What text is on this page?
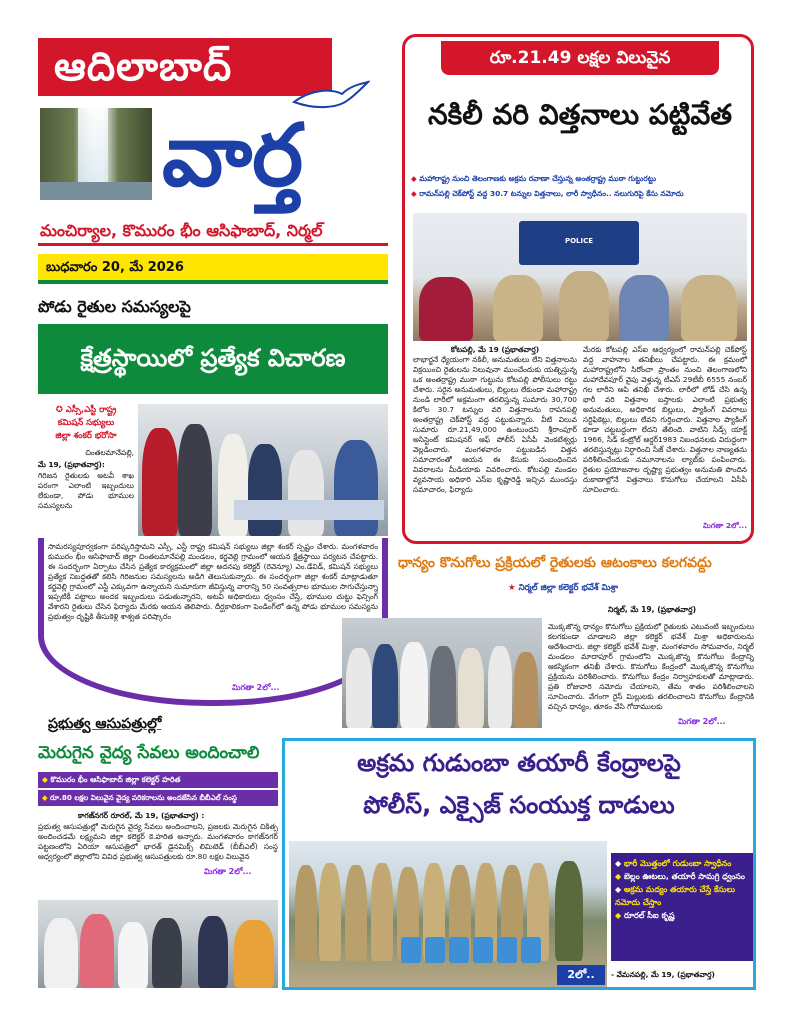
ఆదిలాబాద్
వార్త
మంచిర్యాల, కొమురం భీం ఆసిఫాబాద్, నిర్మల్
బుధవారం 20, మే 2026
రూ.21.49 లక్షల విలువైన
నకిలీ వరి విత్తనాలు పట్టివేత
◆ మహారాష్ట్ర నుంచి తెలంగాణకు అక్రమ రవాణా చేస్తున్న అంతర్రాష్ట్ర ముఠా గుట్టురట్టు
◆ రామన్‌పల్లి చెక్‌పోస్ట్ వద్ద 30.7 టన్నుల విత్తనాలు, లారీ స్వాధీనం.. నలుగురిపై కేసు నమోదు
POLICE
కోటపల్లి, మే 19 (ప్రభాతవార్త)
లాభార్జనే ధ్యేయంగా నకిలీ, అనుమతులు లేని విత్తనాలను విక్రయించి రైతులను నిలువునా ముంచేందుకు యత్నిస్తున్న ఒక అంతర్రాష్ట్ర ముఠా గుట్టును కోటపల్లి పోలీసులు రట్టు చేశారు. సరైన అనుమతులు, బిల్లులు లేకుండా మహారాష్ట్ర నుండి లారీలో అక్రమంగా తరలిస్తున్న సుమారు 30,700 కిలోల 30.7 టన్నుల వరి విత్తనాలను రాపనపల్లి అంతర్రాష్ట్ర చెక్‌పోస్ట్ వద్ద పట్టుకున్నారు. వీటి విలువ సుమారు రూ.21,49,000 ఉంటుందని శ్రీరాంపూర్ అసిస్టెంట్ కమిషనర్ ఆఫ్ పోలీస్ ఏసీపీ వెంకటేశ్వర్లు వెల్లడించారు. మంగళవారం పట్టుబడిన విత్తన సమాచారంతో ఆయన ఈ కేసుకు సంబంధించిన వివరాలను మీడియాకు వివరించారు. కోటపల్లి మండల వ్యవసాయ అధికారి ఎస్‌ఐ కృష్ణారెడ్డి ఇచ్చిన ముందస్తు సమాచారం, ఫిర్యాదు
మేరకు కోటపల్లి ఎస్‌ఐ ఆధ్వర్యంలో రామన్‌పల్లి చెక్‌పోస్ట్ వద్ద వాహనాల తనిఖీలు చేపట్టారు. ఈ క్రమంలో మహారాష్ట్రలోని సిరోంచా ప్రాంతం నుంచి తెలంగాణలోని మహాదేవపూర్ వైపు వెళ్తున్న టీఎస్ 29టీబీ 6555 నంబర్ గల లారీని ఆపి తనిఖీ చేశారు. లారీలో లోడ్ చేసి ఉన్న భారీ వరి విత్తనాల బస్తాలకు ఎలాంటి ప్రభుత్వ అనుమతులు, అధికారిక బిల్లులు, ప్యాకింగ్ వివరాలు సర్టిఫికెట్లు, బిల్లులు లేవని గుర్తించారు. విత్తనాల ప్యాకింగ్ కూడా చట్టబద్ధంగా లేదని తేలింది. వాటిని సీడ్స్ యాక్ట్ 1966, సీడ్ కంట్రోల్ ఆర్డర్1983 నిబంధనలకు విరుద్ధంగా తరలిస్తున్నట్లు నిర్ధారించి సీజ్ చేశారు. విత్తనాల నాణ్యతను పరిశీలించేందుకు నమూనాలను ల్యాబ్‌కు పంపించారు. రైతుల ప్రయోజనాల దృష్ట్యా ప్రభుత్వం అనుమతి పొందిన దుకాణాల్లోనే విత్తనాలు కొనుగోలు చేయాలని ఏసీపీ సూచించారు.
మిగతా 2లో...
పోడు రైతుల సమస్యలపై
క్షేత్రస్థాయిలో ప్రత్యేక విచారణ
✪ ఎస్సీ,ఎస్టీ రాష్ట్ర
కమిషన్ సభ్యులు
జిల్లా శంకర్ భరోసా
చింతలమానేపల్లి,
మే 19, (ప్రభాతవార్త):
గిరిజన రైతులకు అటవీ శాఖ పరంగా ఎలాంటి ఇబ్బందులు లేకుండా, పోడు భూముల సమస్యలను
సామరస్యపూర్వకంగా పరిష్కరిస్తామని ఎస్సీ, ఎస్టీ రాష్ట్ర కమిషన్ సభ్యులు జిల్లా శంకర్ స్పష్టం చేశారు. మంగళవారం కుమురం భీం ఆసిఫాబాద్ జిల్లా చింతలమానేపల్లి మండలం, కర్జవెల్లి గ్రామంలో ఆయన క్షేత్రస్థాయి పర్యటన చేపట్టారు. ఈ సందర్భంగా ఏర్పాటు చేసిన ప్రత్యేక కార్యక్రమంలో జిల్లా అదనపు కలెక్టర్ (రెవెన్యూ) ఎం.డేవిడ్, కమిషన్ సభ్యులు ప్రత్యేక నిబద్ధతతో కలిసి గిరిజనుల సమస్యలను అడిగి తెలుసుకున్నారు. ఈ సందర్భంగా జిల్లా శంకర్ మాట్లాడుతూ కర్జవెల్లి గ్రామంలో ఎస్టీ ఎక్కువగా ఉన్నాయని సుమారుగా జీవిస్తున్న వారాన్ని 50 సంవత్సరాల భూముల సాగుచేస్తున్నా ఇప్పటికీ పట్టాలు అందక ఇబ్బందులు పడుతున్నారని, అటవీ అధికారులు ధ్వంసం చేస్తే, భూముల చుట్టు ఫెన్సింగ్ వేశారని రైతులు చేసిన ఫిర్యాదు మేరకు ఆయన తెలిపారు. దీర్ఘకాలికంగా పెండింగ్‌లో ఉన్న పోడు భూముల సమస్యను ప్రభుత్వం దృష్టికి తీసుకెళ్లి శాశ్వత పరిష్కారం
మిగతా 2లో...
ధాన్యం కొనుగోలు ప్రక్రియలో రైతులకు ఆటంకాలు కలగవద్దు
★ నిర్మల్ జిల్లా కలెక్టర్ భవేశ్ మిశ్రా
నిర్మల్, మే 19, (ప్రభాతవార్త)
మొక్కజొన్న ధాన్యం కొనుగోలు ప్రక్రియలో రైతులకు ఎటువంటి ఇబ్బందులు కలగకుండా చూడాలని జిల్లా కలెక్టర్ భవేశ్ మిశ్రా అధికారులను ఆదేశించారు. జిల్లా కలెక్టర్ భవేశ్ మిశ్రా, మంగళవారం సోమవారం, నిర్మల్ మండలం మాదాపూర్ గ్రామంలోని మొక్కజొన్న కొనుగోలు కేంద్రాన్ని ఆకస్మికంగా తనిఖీ చేశారు. కొనుగోలు కేంద్రంలో మొక్కజొన్న కొనుగోలు ప్రక్రియను పరిశీలించారు. కొనుగోలు కేంద్రం నిర్వాహకులతో మాట్లాడారు. ప్రతి రోజువారి నమోదు చేయాలని, తేమ శాతం పరిశీలించాలని సూచించారు. వేగంగా రైస్ మిల్లులకు తరలించాలని కొనుగోలు కేంద్రానికి వచ్చిన ధాన్యం, తూకం వేసి గోదాములకు
మిగతా 2లో...
ప్రభుత్వ ఆసుపత్రుల్లో
మెరుగైన వైద్య సేవలు అందించాలి
◆ కొమురం భీం ఆసిఫాబాద్ జిల్లా కలెక్టర్ హరిత
◆ రూ.80 లక్షల విలువైన వైద్య పరికరాలను అందజేసిన బీబీఎల్ సంస్థ
కాగజ్‌నగర్ రూరల్, మే 19, (ప్రభాతవార్త) :
ప్రభుత్వ ఆసుపత్రుల్లో మెరుగైన వైద్య సేవలు అందించాలని, ప్రజలకు మెరుగైన చికిత్స అందించడమే లక్ష్యమని జిల్లా కలెక్టర్ కె.హరిత అన్నారు. మంగళవారం కాగజ్‌నగర్ పట్టణంలోని ఏరియా ఆసుపత్రిలో భారత్ డైనమిక్స్ లిమిటెడ్ (బీబీఎల్) సంస్థ ఆధ్వర్యంలో జిల్లాలోని వివిధ ప్రభుత్వ ఆసుపత్రులకు రూ.80 లక్షల విలువైన
మిగతా 2లో...
అక్రమ గుడుంబా తయారీ కేంద్రాలపై
పోలీస్, ఎక్సైజ్ సంయుక్త దాడులు
2లో..
◆ భారీ మొత్తంలో గుడుంబా స్వాధీనం
◆ బెల్లం ఊటలు, తయారీ సామగ్రి ధ్వంసం
◆ అక్రమ మద్యం తయారు చేస్తే కేసులు నమోదు చేస్తాం
◆ రూరల్ సీఐ కృష్ణ
- వేమనపల్లి, మే 19, (ప్రభాతవార్త)
